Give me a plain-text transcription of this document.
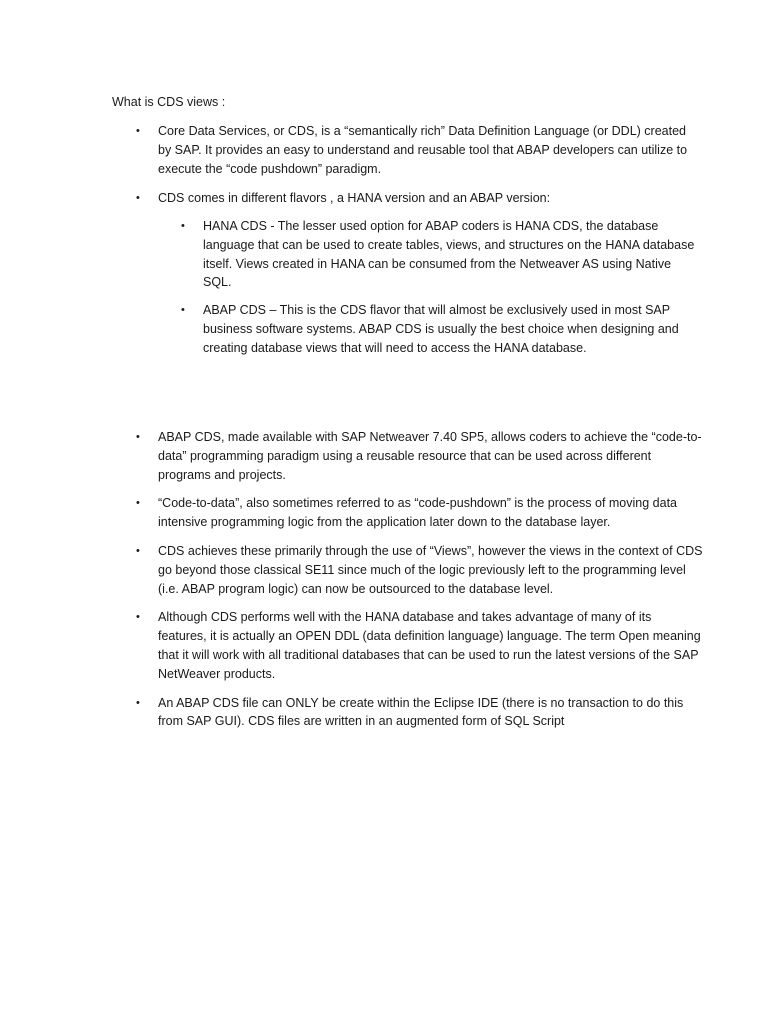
What is CDS views :
• Core Data Services, or CDS, is a “semantically rich” Data Definition Language (or DDL) created by SAP. It provides an easy to understand and reusable tool that ABAP developers can utilize to execute the “code pushdown” paradigm.
• CDS comes in different flavors , a HANA version and an ABAP version:
• HANA CDS - The lesser used option for ABAP coders is HANA CDS, the database language that can be used to create tables, views, and structures on the HANA database itself. Views created in HANA can be consumed from the Netweaver AS using Native SQL.
• ABAP CDS – This is the CDS flavor that will almost be exclusively used in most SAP business software systems. ABAP CDS is usually the best choice when designing and creating database views that will need to access the HANA database.
• ABAP CDS, made available with SAP Netweaver 7.40 SP5, allows coders to achieve the “code-to-data” programming paradigm using a reusable resource that can be used across different programs and projects.
• “Code-to-data”, also sometimes referred to as “code-pushdown” is the process of moving data intensive programming logic from the application later down to the database layer.
• CDS achieves these primarily through the use of “Views”, however the views in the context of CDS go beyond those classical SE11 since much of the logic previously left to the programming level (i.e. ABAP program logic) can now be outsourced to the database level.
• Although CDS performs well with the HANA database and takes advantage of many of its features, it is actually an OPEN DDL (data definition language) language. The term Open meaning that it will work with all traditional databases that can be used to run the latest versions of the SAP NetWeaver products.
• An ABAP CDS file can ONLY be create within the Eclipse IDE (there is no transaction to do this from SAP GUI). CDS files are written in an augmented form of SQL Script
